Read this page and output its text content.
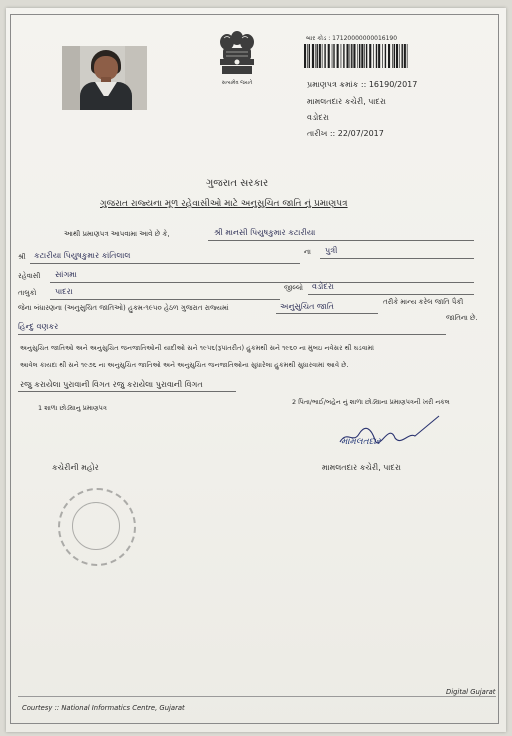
સત્યમેવ જયતે
બાર કોડ : 17120000000016190
પ્રમાણપત્ર ક્રમાંક :: 16190/2017
મામલતદાર કચેરી, પાદરા
વડોદરા
તારીખ :: 22/07/2017
ગુજરાત સરકાર
ગુજરાત રાજ્યના મૂળ રહેવાસીઓ માટે અનુસુચિત જાતિ નું પ્રમાણપત્ર
આથી પ્રમાણપત્ર આપવામા આવે છે કે,	શ્રી માનસી પિયુષકુમાર કટારીયા
શ્રી કટારીયા પિયુષકુમાર કાંતિલાલ	ના પુત્રી
રહેવાસી સાંગમા
તાલુકો પાદરા	જીલ્લો વડોદરા
જેના બંધારણના (અનુસુચિત જાતિઓ) હુકમ-૧૯૫૦ હેઠળ ગુજરાત રાજ્યમાં	અનુસુચિત જાતિ	તરીકે માન્ય કરેલ જાતિ પૈકી
જાતિના છે.
હિન્દુ વણકર
અનુસુચિત જાતિઓ અને અનુસુચિત જનજાતિઓની યાદીઓ સને ૧૯૫૬(રૂપાંતરીત) હુકમથી સને ૧૯૬૦ ના મુંબઇ નવેસર થી ઘડવામાં
આવેલ કાયદા થી સને ૧૯૭૬ ના અનુસુચિત જાતિઓ અને અનુસુચિત જનજાતિઓના સુધારેલા હુકમથી સુધારવામાં આવે છે.
રજુ કરાયેલા પુરાવાની વિગત રજુ કરાયેલા પુરાવાની વિગત
1 શાળા છોડ્યાનુ પ્રમાણપત્ર
2 પિતા/ભાઈ/બહેન નું શાળા છોડ્યાના પ્રમાણપત્રની ખરી નકલ
મામલતદાર
મામલતદાર કચેરી, પાદરા
કચેરીની મહોર
Courtesy :: National Informatics Centre, Gujarat
Digital Gujarat
